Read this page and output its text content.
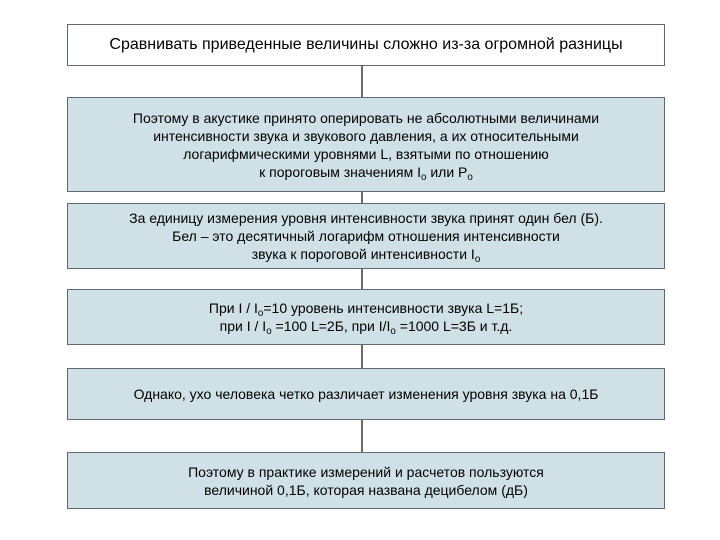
Сравнивать приведенные величины сложно из-за огромной разницы
Поэтому в акустике принято оперировать не абсолютными величинами
интенсивности звука и звукового давления, а их относительными
логарифмическими уровнями L, взятыми по отношению
к пороговым значениям $I_o$ или $P_o$
За единицу измерения уровня интенсивности звука принят один бел (Б).
Бел – это десятичный логарифм отношения интенсивности
звука к пороговой интенсивности $I_o$
При $I / I_o=10$ уровень интенсивности звука L=1Б;
при $I / I_o =100$ L=2Б, при $I/I_o =1000$ L=3Б и т.д.
Однако, ухо человека четко различает изменения уровня звука на 0,1Б
Поэтому в практике измерений и расчетов пользуются
величиной 0,1Б, которая названа децибелом (дБ)
